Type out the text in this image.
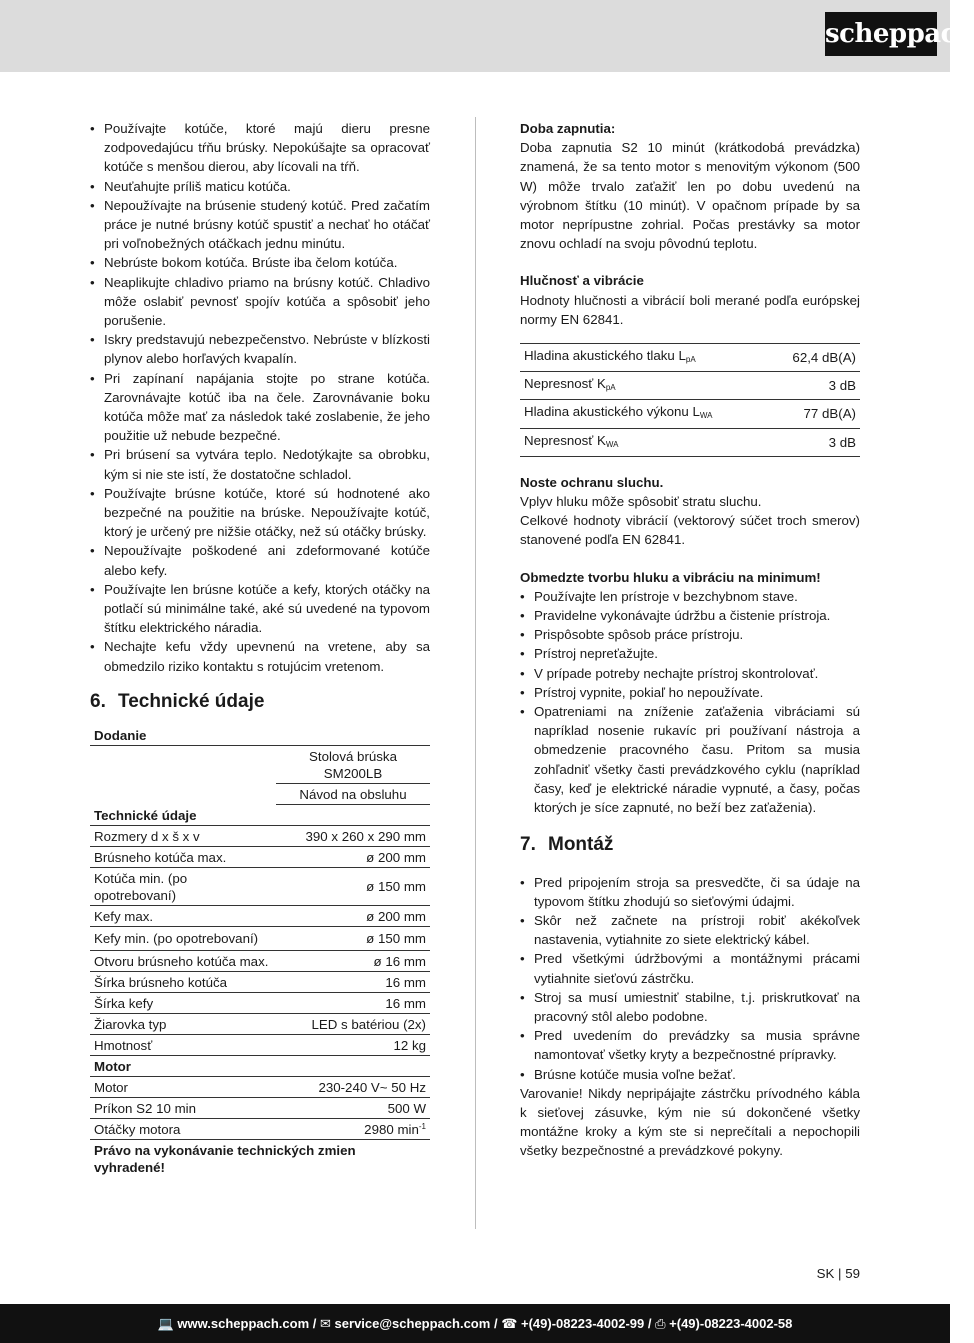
scheppach
• Používajte kotúče, ktoré majú dieru presne zodpovedajúcu tŕňu brúsky. Nepokúšajte sa opracovať kotúče s menšou dierou, aby lícovali na tŕň.
• Neuťahujte príliš maticu kotúča.
• Nepoužívajte na brúsenie studený kotúč. Pred začatím práce je nutné brúsny kotúč spustiť a nechať ho otáčať pri voľnobežných otáčkach jednu minútu.
• Nebrúste bokom kotúča. Brúste iba čelom kotúča.
• Neaplikujte chladivo priamo na brúsny kotúč. Chladivo môže oslabiť pevnosť spojív kotúča a spôsobiť jeho porušenie.
• Iskry predstavujú nebezpečenstvo. Nebrúste v blízkosti plynov alebo horľavých kvapalín.
• Pri zapínaní napájania stojte po strane kotúča. Zarovnávajte kotúč iba na čele. Zarovnávanie boku kotúča môže mať za následok také zoslabenie, že jeho použitie už nebude bezpečné.
• Pri brúsení sa vytvára teplo. Nedotýkajte sa obrobku, kým si nie ste istí, že dostatočne schladol.
• Používajte brúsne kotúče, ktoré sú hodnotené ako bezpečné na použitie na brúske. Nepoužívajte kotúč, ktorý je určený pre nižšie otáčky, než sú otáčky brúsky.
• Nepoužívajte poškodené ani zdeformované kotúče alebo kefy.
• Používajte len brúsne kotúče a kefy, ktorých otáčky na potlačí sú minimálne také, aké sú uvedené na typovom štítku elektrického náradia.
• Nechajte kefu vždy upevnenú na vretene, aby sa obmedzilo riziko kontaktu s rotujúcim vretenom.
6. Technické údaje
Dodanie	
	Stolová brúska SM200LB
	Návod na obsluhu
Technické údaje	
Rozmery d x š x v	390 x 260 x 290 mm
Brúsneho kotúča max.	ø 200 mm
Kotúča min. (po opotrebovaní)	ø 150 mm
Kefy max.	ø 200 mm
Kefy min. (po opotrebovaní)	ø 150 mm
Otvoru brúsneho kotúča max.	ø 16 mm
Šírka brúsneho kotúča	16 mm
Šírka kefy	16 mm
Žiarovka typ	LED s batériou (2x)
Hmotnosť	12 kg
Motor	
Motor	230-240 V~ 50 Hz
Príkon S2 10 min	500 W
Otáčky motora	2980 $\min^{-1}$
Právo na vykonávanie technických zmien vyhradené!	

Doba zapnutia:

Doba zapnutia S2 10 minút (krátkodobá prevádzka) znamená, že sa tento motor s menovitým výkonom (500 W) môže trvalo zaťažiť len po dobu uvedenú na výrobnom štítku (10 minút). V opačnom prípade by sa motor neprípustne zohrial. Počas prestávky sa motor znovu ochladí na svoju pôvodnú teplotu.

Hlučnosť a vibrácie

Hodnoty hlučnosti a vibrácií boli merané podľa európskej normy EN 62841.

Hladina akustického tlaku $L_{pA}$	62,4 dB(A)
Nepresnosť $K_{pA}$	3 dB
Hladina akustického výkonu $L_{WA}$	77 dB(A)
Nepresnosť $K_{WA}$	3 dB

Noste ochranu sluchu.

Vplyv hluku môže spôsobiť stratu sluchu.

Celkové hodnoty vibrácií (vektorový súčet troch smerov) stanovené podľa EN 62841.

Obmedzte tvorbu hluku a vibráciu na minimum!

• Používajte len prístroje v bezchybnom stave.
• Pravidelne vykonávajte údržbu a čistenie prístroja.
• Prispôsobte spôsob práce prístroju.
• Prístroj nepreťažujte.
• V prípade potreby nechajte prístroj skontrolovať.
• Prístroj vypnite, pokiaľ ho nepoužívate.
• Opatreniami na zníženie zaťaženia vibráciami sú napríklad nosenie rukavíc pri používaní nástroja a obmedzenie pracovného času. Pritom sa musia zohľadniť všetky časti prevádzkového cyklu (napríklad časy, keď je elektrické náradie vypnuté, a časy, počas ktorých je síce zapnuté, no beží bez zaťaženia).
7. Montáž
• Pred pripojením stroja sa presvedčte, či sa údaje na typovom štítku zhodujú so sieťovými údajmi.
• Skôr než začnete na prístroji robiť akékoľvek nastavenia, vytiahnite zo siete elektrický kábel.
• Pred všetkými údržbovými a montážnymi prácami vytiahnite sieťovú zástrčku.
• Stroj sa musí umiestniť stabilne, t.j. priskrutkovať na pracovný stôl alebo podobne.
• Pred uvedením do prevádzky sa musia správne namontovať všetky kryty a bezpečnostné prípravky.
• Brúsne kotúče musia voľne bežať.

Varovanie! Nikdy nepripájajte zástrčku prívodného kábla k sieťovej zásuvke, kým nie sú dokončené všetky montážne kroky a kým ste si neprečítali a nepochopili všetky bezpečnostné a prevádzkové pokyny.

SK | 59
💻 www.scheppach.com / ✉ service@scheppach.com / ☎ +(49)-08223-4002-99 / ⎙ +(49)-08223-4002-58
